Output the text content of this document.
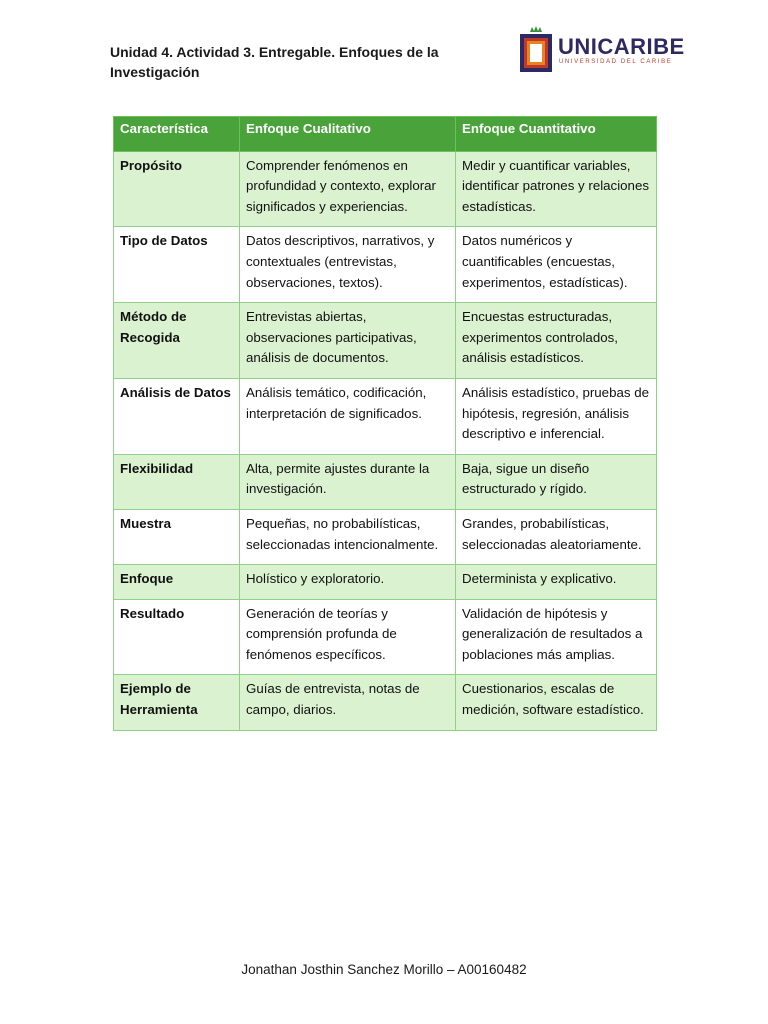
Unidad 4. Actividad 3. Entregable. Enfoques de la Investigación
UNICARIBE
UNIVERSIDAD DEL CARIBE
Característica	Enfoque Cualitativo	Enfoque Cuantitativo
Propósito	Comprender fenómenos en profundidad y contexto, explorar significados y experiencias.	Medir y cuantificar variables, identificar patrones y relaciones estadísticas.
Tipo de Datos	Datos descriptivos, narrativos, y contextuales (entrevistas, observaciones, textos).	Datos numéricos y cuantificables (encuestas, experimentos, estadísticas).
Método de Recogida	Entrevistas abiertas, observaciones participativas, análisis de documentos.	Encuestas estructuradas, experimentos controlados, análisis estadísticos.
Análisis de Datos	Análisis temático, codificación, interpretación de significados.	Análisis estadístico, pruebas de hipótesis, regresión, análisis descriptivo e inferencial.
Flexibilidad	Alta, permite ajustes durante la investigación.	Baja, sigue un diseño estructurado y rígido.
Muestra	Pequeñas, no probabilísticas, seleccionadas intencionalmente.	Grandes, probabilísticas, seleccionadas aleatoriamente.
Enfoque	Holístico y exploratorio.	Determinista y explicativo.
Resultado	Generación de teorías y comprensión profunda de fenómenos específicos.	Validación de hipótesis y generalización de resultados a poblaciones más amplias.
Ejemplo de Herramienta	Guías de entrevista, notas de campo, diarios.	Cuestionarios, escalas de medición, software estadístico.
Jonathan Josthin Sanchez Morillo – A00160482
